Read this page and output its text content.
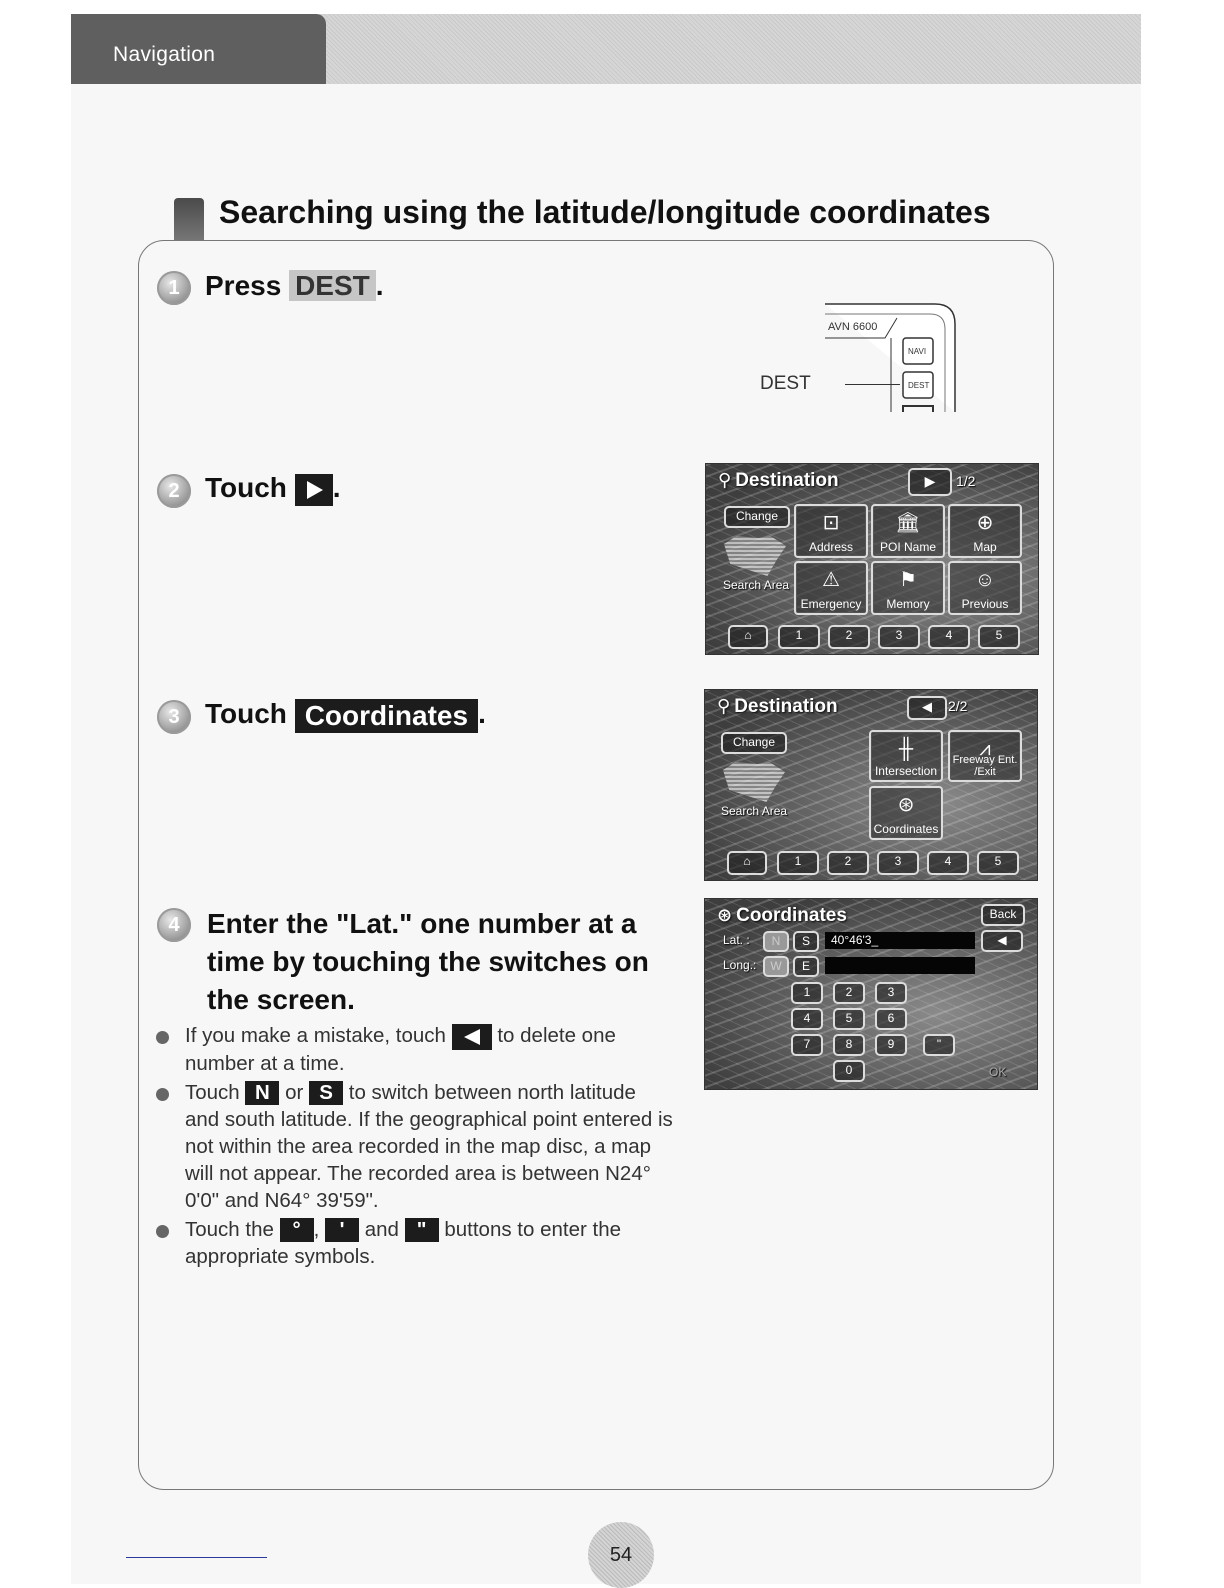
Navigation
Searching using the latitude/longitude coordinates
1 Press DEST .
DEST
AVN 6600
NAVI
DEST
2 Touch .	⚲ Destination	▶	1/2
Change
Search Area
⊡
Address
🏛
POI Name
⊕
Map
⚠
Emergency
⚑
Memory
☺
Previous
⌂	1	2	3	4	5
3 Touch Coordinates .	⚲ Destination	◀	2/2
Change
Search Area
╫
Intersection
⩘
Freeway Ent. /Exit
⊛
Coordinates
⌂	1	2	3	4	5
4 Enter the "Lat." one number at a time by touching the switches on the screen.
⊛ Coordinates	Back
Lat. :	N	S	40°46'3_	◀
Long.:	W	E
1	2	3
4	5	6
7	8	9	"
0	OK
If you make a mistake, touch	to delete one number at a time.
Touch N or S to switch between north latitude and south latitude. If the geographical point entered is not within the area recorded in the map disc, a map will not appear. The recorded area is between N24° 0'0" and N64° 39'59".
Touch the ° , ' and " buttons to enter the appropriate symbols.
54
